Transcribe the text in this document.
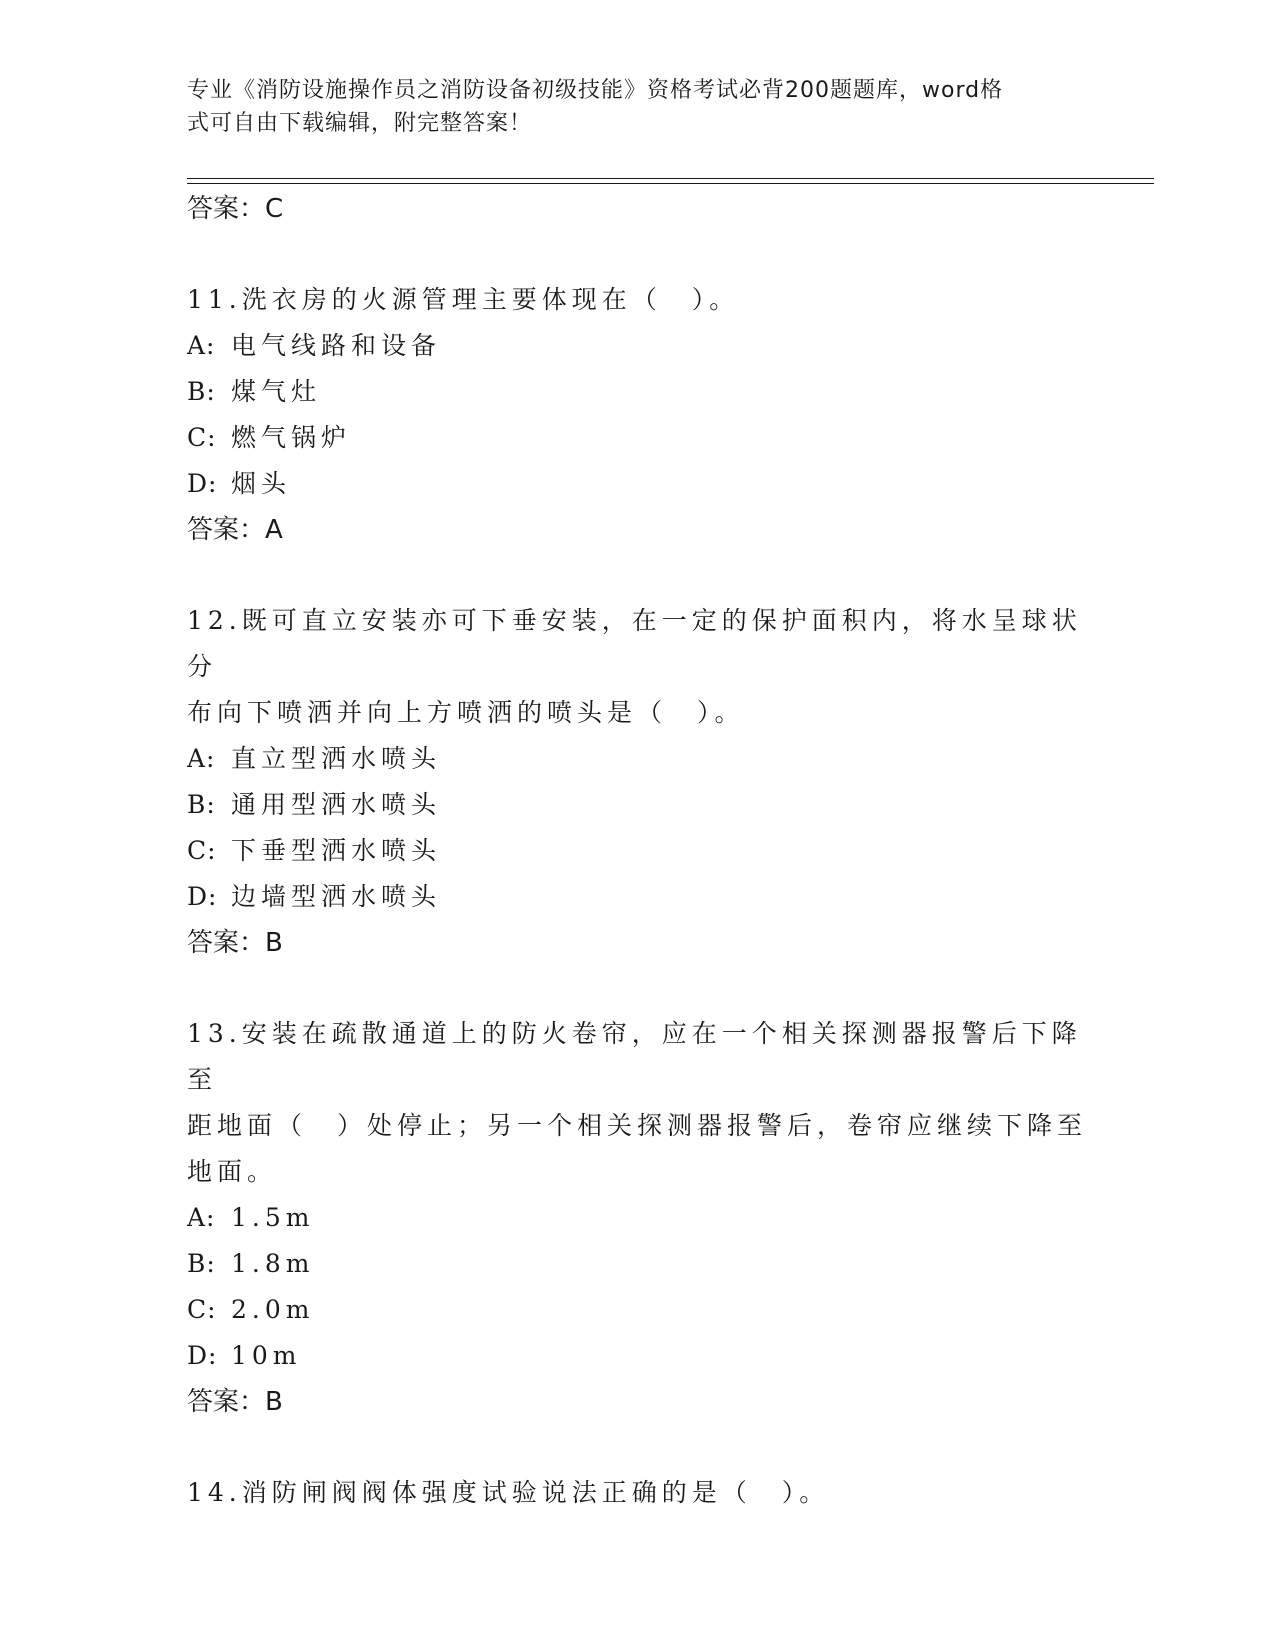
专业《消防设施操作员之消防设备初级技能》资格考试必背200题题库，word格
式可自由下载编辑，附完整答案！
答案：C
11.洗衣房的火源管理主要体现在（　）。
A: 电气线路和设备
B: 煤气灶
C: 燃气锅炉
D: 烟头
答案：A
12.既可直立安装亦可下垂安装，在一定的保护面积内，将水呈球状分
布向下喷洒并向上方喷洒的喷头是（　）。
A: 直立型洒水喷头
B: 通用型洒水喷头
C: 下垂型洒水喷头
D: 边墙型洒水喷头
答案：B
13.安装在疏散通道上的防火卷帘，应在一个相关探测器报警后下降至
距地面（　）处停止；另一个相关探测器报警后，卷帘应继续下降至
地面。
A: 1.5m
B: 1.8m
C: 2.0m
D: 10m
答案：B
14.消防闸阀阀体强度试验说法正确的是（　）。
